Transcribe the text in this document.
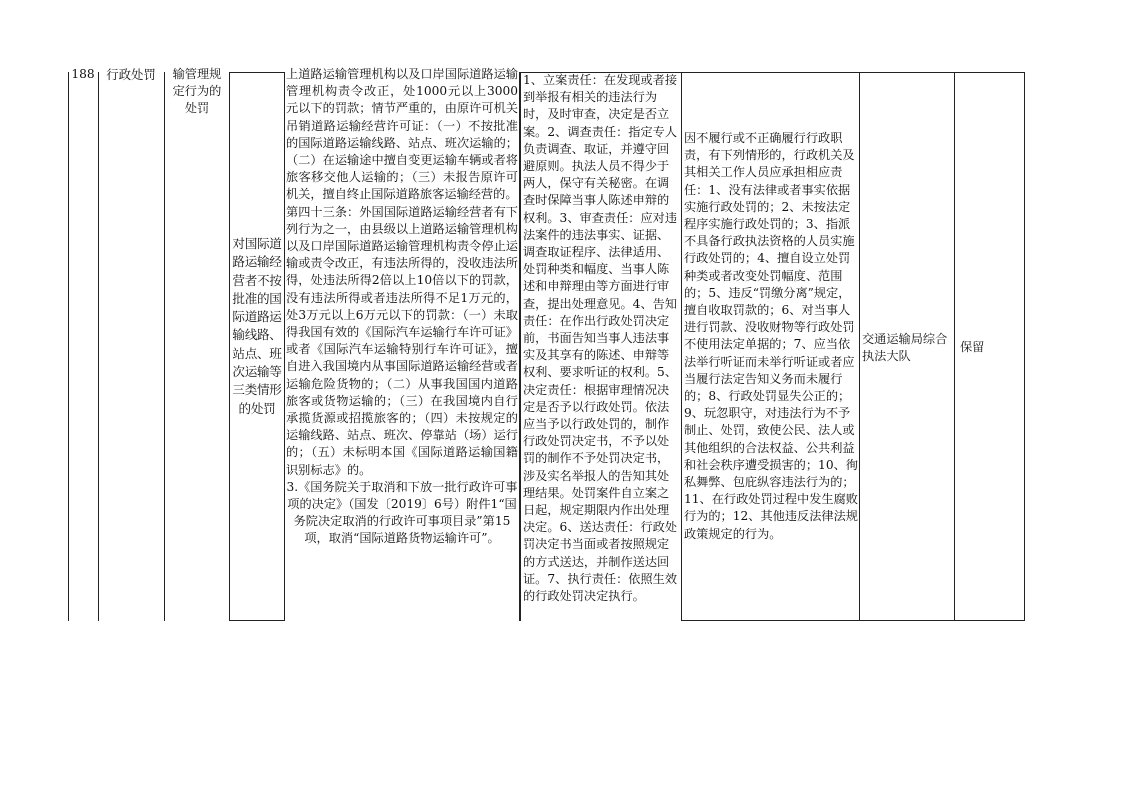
188 行政处罚	输管理规定行为的处罚
对国际道路运输经营者不按批准的国际道路运输线路、站点、班次运输等三类情形的处罚

上道路运输管理机构以及口岸国际道路运输管理机构责令改正，处1000元以上3000元以下的罚款；情节严重的，由原许可机关吊销道路运输经营许可证：（一）不按批准的国际道路运输线路、站点、班次运输的；（二）在运输途中擅自变更运输车辆或者将旅客移交他人运输的；（三）未报告原许可机关，擅自终止国际道路旅客运输经营的。

第四十三条：外国国际道路运输经营者有下列行为之一，由县级以上道路运输管理机构以及口岸国际道路运输管理机构责令停止运输或责令改正，有违法所得的，没收违法所得，处违法所得2倍以上10倍以下的罚款，没有违法所得或者违法所得不足1万元的，处3万元以上6万元以下的罚款：（一）未取得我国有效的《国际汽车运输行车许可证》或者《国际汽车运输特别行车许可证》，擅自进入我国境内从事国际道路运输经营或者运输危险货物的；（二）从事我国国内道路旅客或货物运输的；（三）在我国境内自行承揽货源或招揽旅客的；（四）未按规定的运输线路、站点、班次、停靠站（场）运行的；（五）未标明本国《国际道路运输国籍识别标志》的。

3.《国务院关于取消和下放一批行政许可事项的决定》（国发〔2019〕6号）附件1“国务院决定取消的行政许可事项目录”第15项，取消“国际道路货物运输许可”。

1、立案责任：在发现或者接到举报有相关的违法行为时，及时审查，决定是否立案。2、调查责任：指定专人负责调查、取证，并遵守回避原则。执法人员不得少于两人，保守有关秘密。在调查时保障当事人陈述申辩的权利。3、审查责任：应对违法案件的违法事实、证据、调查取证程序、法律适用、处罚种类和幅度、当事人陈述和申辩理由等方面进行审查，提出处理意见。4、告知责任：在作出行政处罚决定前，书面告知当事人违法事实及其享有的陈述、申辩等权利、要求听证的权利。5、决定责任：根据审理情况决定是否予以行政处罚。依法应当予以行政处罚的，制作行政处罚决定书，不予以处罚的制作不予处罚决定书，涉及实名举报人的告知其处理结果。处罚案件自立案之日起，规定期限内作出处理决定。6、送达责任：行政处罚决定书当面或者按照规定的方式送达，并制作送达回证。7、执行责任：依照生效的行政处罚决定执行。
因不履行或不正确履行行政职责，有下列情形的，行政机关及其相关工作人员应承担相应责任：1、没有法律或者事实依据实施行政处罚的；2、未按法定程序实施行政处罚的；3、指派不具备行政执法资格的人员实施行政处罚的；4、擅自设立处罚种类或者改变处罚幅度、范围的；5、违反“罚缴分离”规定，擅自收取罚款的；6、对当事人进行罚款、没收财物等行政处罚不使用法定单据的；7、应当依法举行听证而未举行听证或者应当履行法定告知义务而未履行的；8、行政处罚显失公正的；9、玩忽职守，对违法行为不予制止、处罚，致使公民、法人或其他组织的合法权益、公共利益和社会秩序遭受损害的；10、徇私舞弊、包庇纵容违法行为的；11、在行政处罚过程中发生腐败行为的；12、其他违反法律法规政策规定的行为。
交通运输局综合执法大队
保留
